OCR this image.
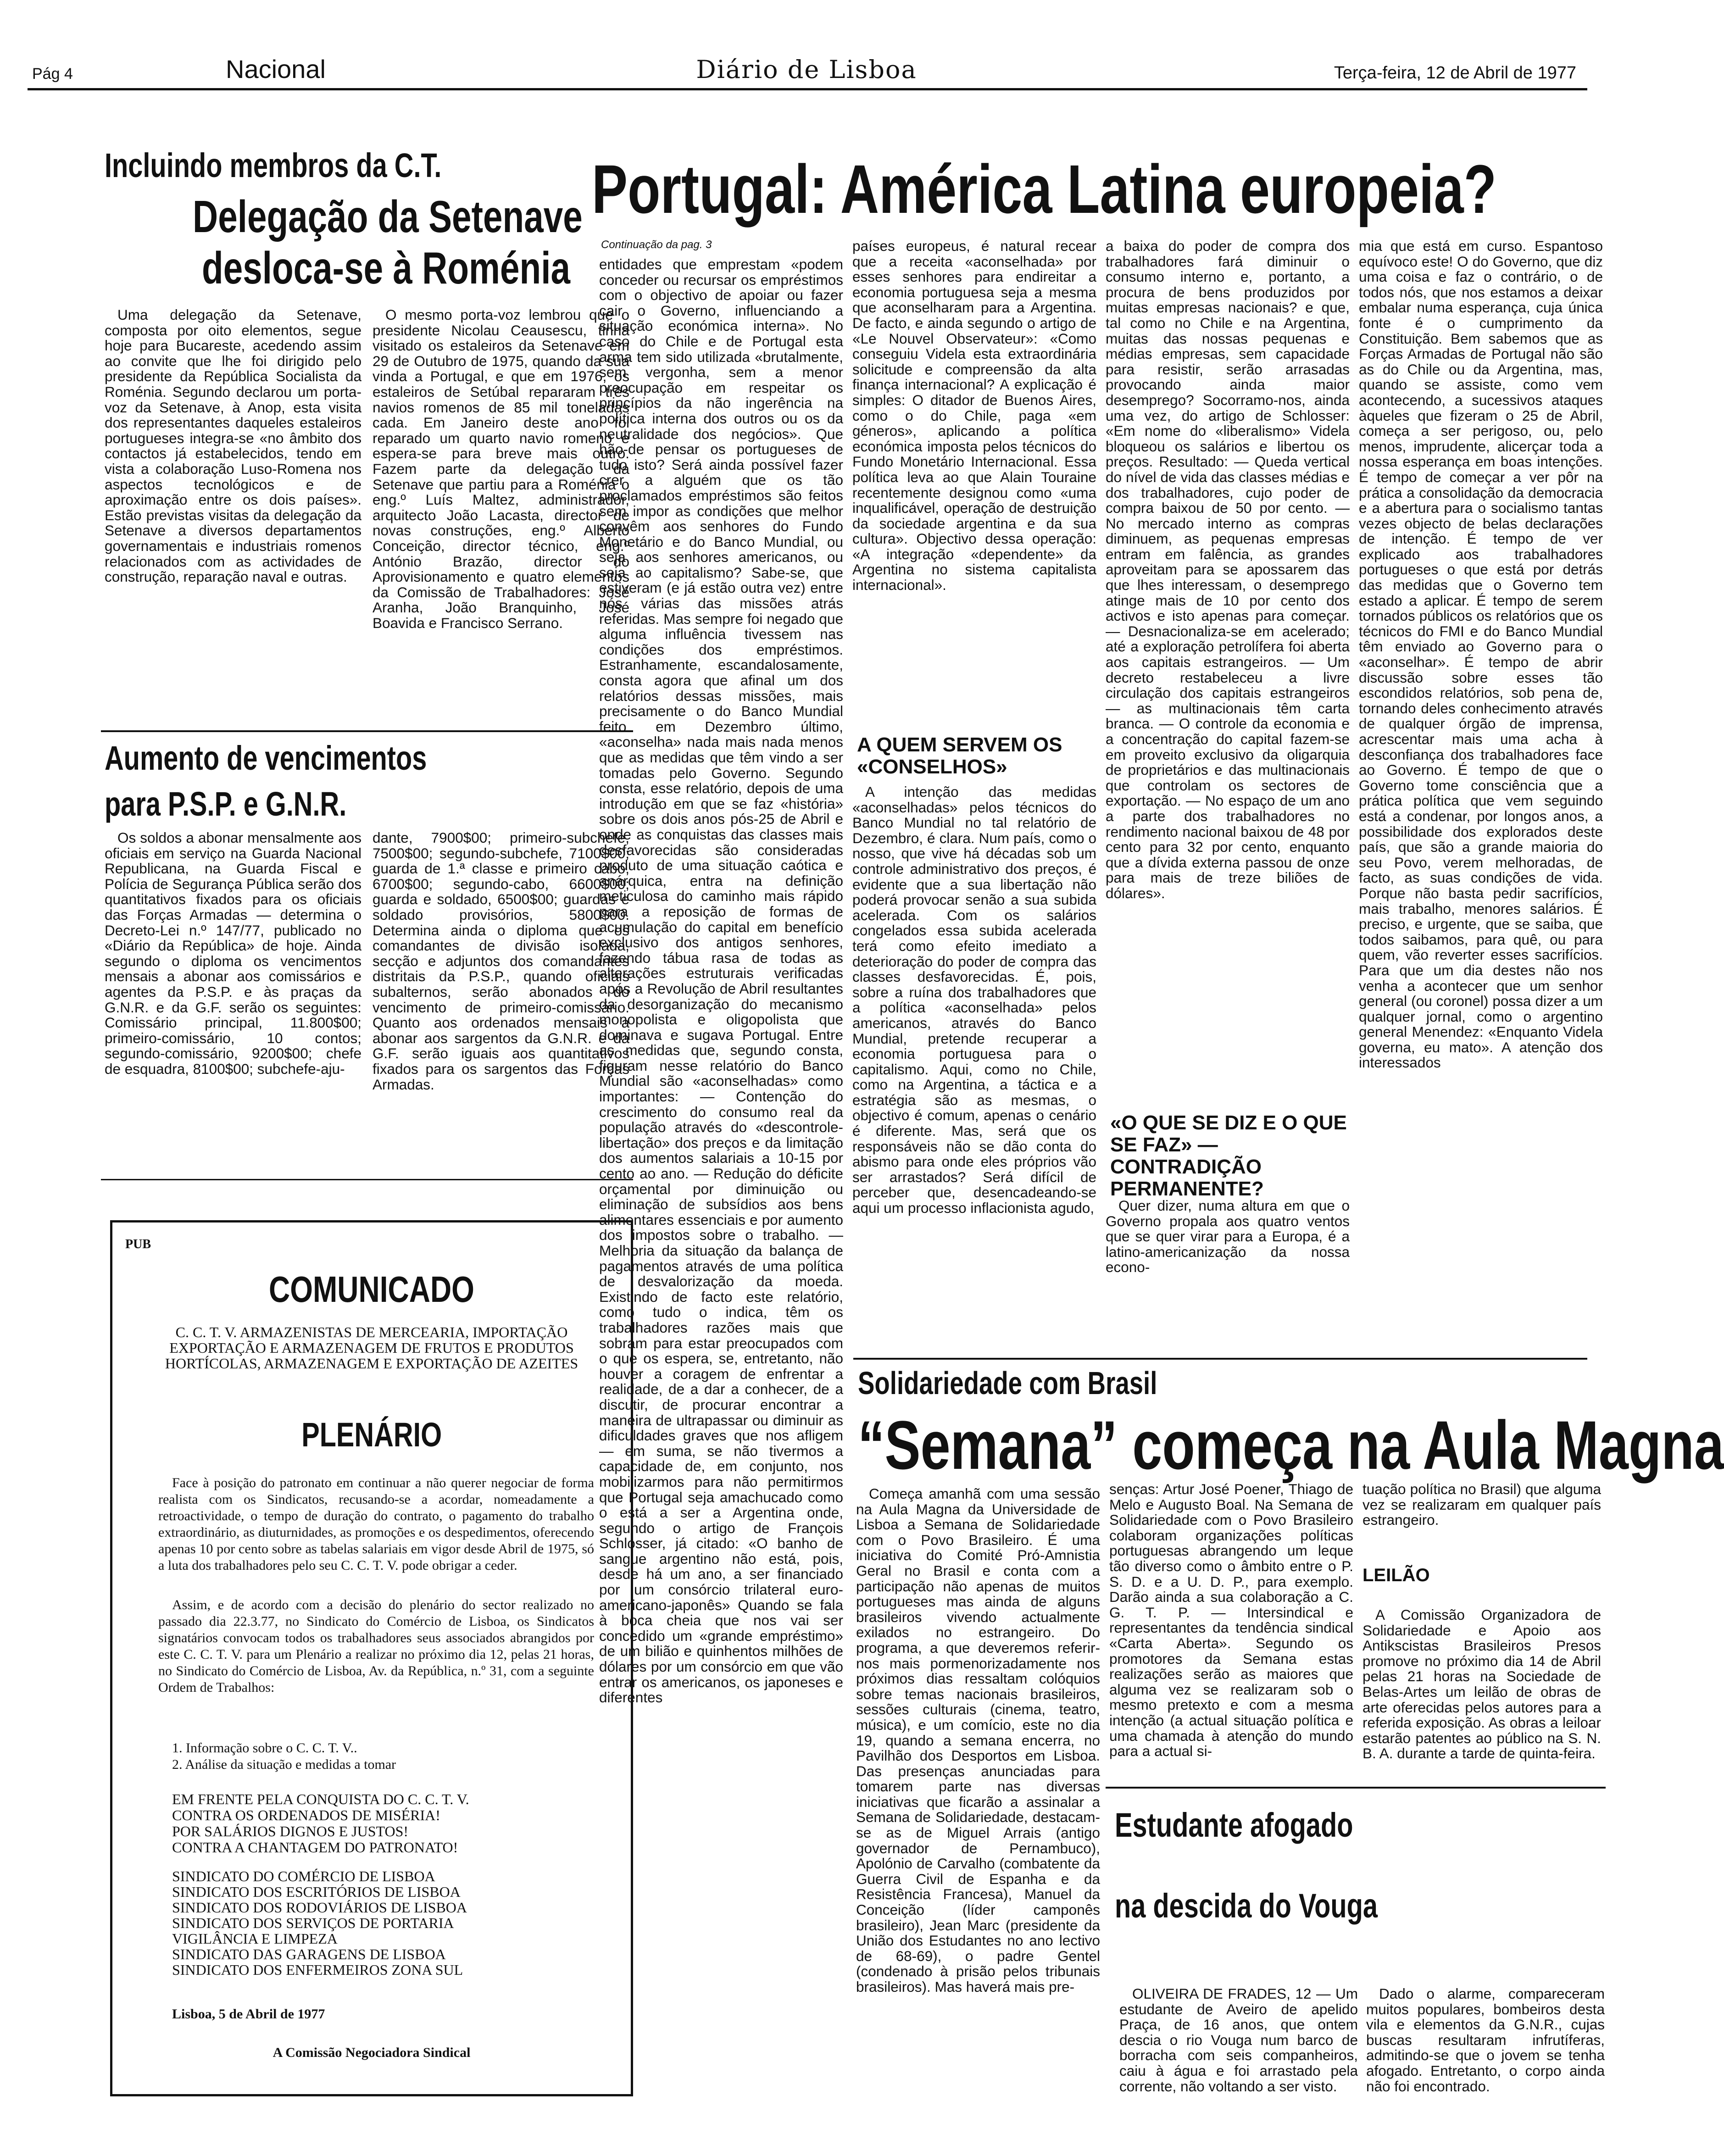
Pág 4	Nacional	Diário de Lisboa	Terça-feira, 12 de Abril de 1977
Incluindo membros da C.T.
Delegação da Setenave
desloca-se à Roménia
Uma delegação da Setenave, composta por oito elementos, segue hoje para Bucareste, acedendo assim ao convite que lhe foi dirigido pelo presidente da República Socialista da Roménia. Segundo declarou um porta-voz da Setenave, à Anop, esta visita dos representantes daqueles estaleiros portugueses integra-se «no âmbito dos contactos já estabelecidos, tendo em vista a colaboração Luso-Romena nos aspectos tecnológicos e de aproximação entre os dois países». Estão previstas visitas da delegação da Setenave a diversos departamentos governamentais e industriais romenos relacionados com as actividades de construção, reparação naval e outras.
O mesmo porta-voz lembrou que o presidente Nicolau Ceausescu, tinha visitado os estaleiros da Setenave em 29 de Outubro de 1975, quando da sua vinda a Portugal, e que em 1976, os estaleiros de Setúbal repararam três navios romenos de 85 mil toneladas cada. Em Janeiro deste ano foi reparado um quarto navio romeno e espera-se para breve mais outro. Fazem parte da delegação da Setenave que partiu para a Roménia o eng.º Luís Maltez, administrador, arquitecto João Lacasta, director de novas construções, eng.º Alberto Conceição, director técnico, eng.º António Brazão, director do Aprovisionamento e quatro elementos da Comissão de Trabalhadores: José Aranha, João Branquinho, José Boavida e Francisco Serrano.
Aumento de vencimentos
para P.S.P. e G.N.R.
Os soldos a abonar mensalmente aos oficiais em serviço na Guarda Nacional Republicana, na Guarda Fiscal e Polícia de Segurança Pública serão dos quantitativos fixados para os oficiais das Forças Armadas — determina o Decreto-Lei n.º 147/77, publicado no «Diário da República» de hoje. Ainda segundo o diploma os vencimentos mensais a abonar aos comissários e agentes da P.S.P. e às praças da G.N.R. e da G.F. serão os seguintes: Comissário principal, 11.800$00; primeiro-comissário, 10 contos; segundo-comissário, 9200$00; chefe de esquadra, 8100$00; subchefe-aju-
dante, 7900$00; primeiro-subchefe, 7500$00; segundo-subchefe, 7100$00; guarda de 1.ª classe e primeiro cabo, 6700$00; segundo-cabo, 6600$00; guarda e soldado, 6500$00; guardas e soldado provisórios, 5800$00. Determina ainda o diploma que os comandantes de divisão isolada, secção e adjuntos dos comandantes distritais da P.S.P., quando oficiais subalternos, serão abonados do vencimento de primeiro-comissário. Quanto aos ordenados mensais a abonar aos sargentos da G.N.R. e da G.F. serão iguais aos quantitativos fixados para os sargentos das Forças Armadas.
PUB
COMUNICADO
C. C. T. V. ARMAZENISTAS DE MERCEARIA, IMPORTAÇÃO EXPORTAÇÃO E ARMAZENAGEM DE FRUTOS E PRODUTOS HORTÍCOLAS, ARMAZENAGEM E EXPORTAÇÃO DE AZEITES
PLENÁRIO
Face à posição do patronato em continuar a não querer negociar de forma realista com os Sindicatos, recusando-se a acordar, nomeadamente a retroactividade, o tempo de duração do contrato, o pagamento do trabalho extraordinário, as diuturnidades, as promoções e os despedimentos, oferecendo apenas 10 por cento sobre as tabelas salariais em vigor desde Abril de 1975, só a luta dos trabalhadores pelo seu C. C. T. V. pode obrigar a ceder.
Assim, e de acordo com a decisão do plenário do sector realizado no passado dia 22.3.77, no Sindicato do Comércio de Lisboa, os Sindicatos signatários convocam todos os trabalhadores seus associados abrangidos por este C. C. T. V. para um Plenário a realizar no próximo dia 12, pelas 21 horas, no Sindicato do Comércio de Lisboa, Av. da República, n.º 31, com a seguinte Ordem de Trabalhos:
1. Informação sobre o C. C. T. V..
2. Análise da situação e medidas a tomar
EM FRENTE PELA CONQUISTA DO C. C. T. V.
CONTRA OS ORDENADOS DE MISÉRIA!
POR SALÁRIOS DIGNOS E JUSTOS!
CONTRA A CHANTAGEM DO PATRONATO!
SINDICATO DO COMÉRCIO DE LISBOA
SINDICATO DOS ESCRITÓRIOS DE LISBOA
SINDICATO DOS RODOVIÁRIOS DE LISBOA
SINDICATO DOS SERVIÇOS DE PORTARIA
VIGILÂNCIA E LIMPEZA
SINDICATO DAS GARAGENS DE LISBOA
SINDICATO DOS ENFERMEIROS ZONA SUL
Lisboa, 5 de Abril de 1977
A Comissão Negociadora Sindical
Portugal: América Latina europeia?
Continuação da pag. 3
entidades que emprestam «podem conceder ou recursar os empréstimos com o objectivo de apoiar ou fazer cair o Governo, influenciando a situação económica interna». No caso do Chile e de Portugal esta arma tem sido utilizada «brutalmente, sem vergonha, sem a menor preocupação em respeitar os princípios da não ingerência na política interna dos outros ou os da neutralidade dos negócios». Que hão-de pensar os portugueses de tudo isto? Será ainda possível fazer crer a alguém que os tão proclamados empréstimos são feitos sem impor as condições que melhor convêm aos senhores do Fundo Monetário e do Banco Mundial, ou seja aos senhores americanos, ou seja ao capitalismo? Sabe-se, que estiveram (e já estão outra vez) entre nós várias das missões atrás referidas. Mas sempre foi negado que alguma influência tivessem nas condições dos empréstimos. Estranhamente, escandalosamente, consta agora que afinal um dos relatórios dessas missões, mais precisamente o do Banco Mundial feito em Dezembro último, «aconselha» nada mais nada menos que as medidas que têm vindo a ser tomadas pelo Governo. Segundo consta, esse relatório, depois de uma introdução em que se faz «história» sobre os dois anos pós-25 de Abril e onde as conquistas das classes mais desfavorecidas são consideradas produto de uma situação caótica e anárquica, entra na definição meticulosa do caminho mais rápido para a reposição de formas de acumulação do capital em benefício exclusivo dos antigos senhores, fazendo tábua rasa de todas as alterações estruturais verificadas após a Revolução de Abril resultantes da desorganização do mecanismo monopolista e oligopolista que dominava e sugava Portugal. Entre as medidas que, segundo consta, figuram nesse relatório do Banco Mundial são «aconselhadas» como importantes: — Contenção do crescimento do consumo real da população através do «descontrole-libertação» dos preços e da limitação dos aumentos salariais a 10-15 por cento ao ano. — Redução do déficite orçamental por diminuição ou eliminação de subsídios aos bens alimentares essenciais e por aumento dos impostos sobre o trabalho. — Melhoria da situação da balança de pagamentos através de uma política de desvalorização da moeda. Existindo de facto este relatório, como tudo o indica, têm os trabalhadores razões mais que sobram para estar preocupados com o que os espera, se, entretanto, não houver a coragem de enfrentar a realidade, de a dar a conhecer, de a discutir, de procurar encontrar a maneira de ultrapassar ou diminuir as dificuldades graves que nos afligem — em suma, se não tivermos a capacidade de, em conjunto, nos mobilizarmos para não permitirmos que Portugal seja amachucado como o está a ser a Argentina onde, segundo o artigo de François Schlosser, já citado: «O banho de sangue argentino não está, pois, desde há um ano, a ser financiado por um consórcio trilateral euro-americano-japonês» Quando se fala à boca cheia que nos vai ser concedido um «grande empréstimo» de um bilião e quinhentos milhões de dólares por um consórcio em que vão entrar os americanos, os japoneses e diferentes
países europeus, é natural recear que a receita «aconselhada» por esses senhores para endireitar a economia portuguesa seja a mesma que aconselharam para a Argentina. De facto, e ainda segundo o artigo de «Le Nouvel Observateur»: «Como conseguiu Videla esta extraordinária solicitude e compreensão da alta finança internacional? A explicação é simples: O ditador de Buenos Aires, como o do Chile, paga «em géneros», aplicando a política económica imposta pelos técnicos do Fundo Monetário Internacional. Essa política leva ao que Alain Touraine recentemente designou como «uma inqualificável, operação de destruição da sociedade argentina e da sua cultura». Objectivo dessa operação: «A integração «dependente» da Argentina no sistema capitalista internacional».
A QUEM SERVEM OS «CONSELHOS»
A intenção das medidas «aconselhadas» pelos técnicos do Banco Mundial no tal relatório de Dezembro, é clara. Num país, como o nosso, que vive há décadas sob um controle administrativo dos preços, é evidente que a sua libertação não poderá provocar senão a sua subida acelerada. Com os salários congelados essa subida acelerada terá como efeito imediato a deterioração do poder de compra das classes desfavorecidas. É, pois, sobre a ruína dos trabalhadores que a política «aconselhada» pelos americanos, através do Banco Mundial, pretende recuperar a economia portuguesa para o capitalismo. Aqui, como no Chile, como na Argentina, a táctica e a estratégia são as mesmas, o objectivo é comum, apenas o cenário é diferente. Mas, será que os responsáveis não se dão conta do abismo para onde eles próprios vão ser arrastados? Será difícil de perceber que, desencadeando-se aqui um processo inflacionista agudo,
a baixa do poder de compra dos trabalhadores fará diminuir o consumo interno e, portanto, a procura de bens produzidos por muitas empresas nacionais? e que, tal como no Chile e na Argentina, muitas das nossas pequenas e médias empresas, sem capacidade para resistir, serão arrasadas provocando ainda maior desemprego? Socorramo-nos, ainda uma vez, do artigo de Schlosser: «Em nome do «liberalismo» Videla bloqueou os salários e libertou os preços. Resultado: — Queda vertical do nível de vida das classes médias e dos trabalhadores, cujo poder de compra baixou de 50 por cento. — No mercado interno as compras diminuem, as pequenas empresas entram em falência, as grandes aproveitam para se apossarem das que lhes interessam, o desemprego atinge mais de 10 por cento dos activos e isto apenas para começar. — Desnacionaliza-se em acelerado; até a exploração petrolífera foi aberta aos capitais estrangeiros. — Um decreto restabeleceu a livre circulação dos capitais estrangeiros — as multinacionais têm carta branca. — O controle da economia e a concentração do capital fazem-se em proveito exclusivo da oligarquia de proprietários e das multinacionais que controlam os sectores de exportação. — No espaço de um ano a parte dos trabalhadores no rendimento nacional baixou de 48 por cento para 32 por cento, enquanto que a dívida externa passou de onze para mais de treze biliões de dólares».
«O QUE SE DIZ E O QUE SE FAZ» — CONTRADIÇÃO PERMANENTE?
Quer dizer, numa altura em que o Governo propala aos quatro ventos que se quer virar para a Europa, é a latino-americanização da nossa econo-
mia que está em curso. Espantoso equívoco este! O do Governo, que diz uma coisa e faz o contrário, o de todos nós, que nos estamos a deixar embalar numa esperança, cuja única fonte é o cumprimento da Constituição. Bem sabemos que as Forças Armadas de Portugal não são as do Chile ou da Argentina, mas, quando se assiste, como vem acontecendo, a sucessivos ataques àqueles que fizeram o 25 de Abril, começa a ser perigoso, ou, pelo menos, imprudente, alicerçar toda a nossa esperança em boas intenções. É tempo de começar a ver pôr na prática a consolidação da democracia e a abertura para o socialismo tantas vezes objecto de belas declarações de intenção. É tempo de ver explicado aos trabalhadores portugueses o que está por detrás das medidas que o Governo tem estado a aplicar. É tempo de serem tornados públicos os relatórios que os técnicos do FMI e do Banco Mundial têm enviado ao Governo para o «aconselhar». É tempo de abrir discussão sobre esses tão escondidos relatórios, sob pena de, tornando deles conhecimento através de qualquer órgão de imprensa, acrescentar mais uma acha à desconfiança dos trabalhadores face ao Governo. É tempo de que o Governo tome consciência que a prática política que vem seguindo está a condenar, por longos anos, a possibilidade dos explorados deste país, que são a grande maioria do seu Povo, verem melhoradas, de facto, as suas condições de vida. Porque não basta pedir sacrifícios, mais trabalho, menores salários. É preciso, e urgente, que se saiba, que todos saibamos, para quê, ou para quem, vão reverter esses sacrifícios. Para que um dia destes não nos venha a acontecer que um senhor general (ou coronel) possa dizer a um qualquer jornal, como o argentino general Menendez: «Enquanto Videla governa, eu mato». A atenção dos interessados
Solidariedade com Brasil
“Semana” começa na Aula Magna
Começa amanhã com uma sessão na Aula Magna da Universidade de Lisboa a Semana de Solidariedade com o Povo Brasileiro. É uma iniciativa do Comité Pró-Amnistia Geral no Brasil e conta com a participação não apenas de muitos portugueses mas ainda de alguns brasileiros vivendo actualmente exilados no estrangeiro. Do programa, a que deveremos referir-nos mais pormenorizadamente nos próximos dias ressaltam colóquios sobre temas nacionais brasileiros, sessões culturais (cinema, teatro, música), e um comício, este no dia 19, quando a semana encerra, no Pavilhão dos Desportos em Lisboa. Das presenças anunciadas para tomarem parte nas diversas iniciativas que ficarão a assinalar a Semana de Solidariedade, destacam-se as de Miguel Arrais (antigo governador de Pernambuco), Apolónio de Carvalho (combatente da Guerra Civil de Espanha e da Resistência Francesa), Manuel da Conceição (líder camponês brasileiro), Jean Marc (presidente da União dos Estudantes no ano lectivo de 68-69), o padre Gentel (condenado à prisão pelos tribunais brasileiros). Mas haverá mais pre-
senças: Artur José Poener, Thiago de Melo e Augusto Boal. Na Semana de Solidariedade com o Povo Brasileiro colaboram organizações políticas portuguesas abrangendo um leque tão diverso como o âmbito entre o P. S. D. e a U. D. P., para exemplo. Darão ainda a sua colaboração a C. G. T. P. — Intersindical e representantes da tendência sindical «Carta Aberta». Segundo os promotores da Semana estas realizações serão as maiores que alguma vez se realizaram sob o mesmo pretexto e com a mesma intenção (a actual situação política e uma chamada à atenção do mundo para a actual si-
tuação política no Brasil) que alguma vez se realizaram em qualquer país estrangeiro.
LEILÃO
A Comissão Organizadora de Solidariedade e Apoio aos Antikscistas Brasileiros Presos promove no próximo dia 14 de Abril pelas 21 horas na Sociedade de Belas-Artes um leilão de obras de arte oferecidas pelos autores para a referida exposição. As obras a leiloar estarão patentes ao público na S. N. B. A. durante a tarde de quinta-feira.
Estudante afogado
na descida do Vouga
OLIVEIRA DE FRADES, 12 — Um estudante de Aveiro de apelido Praça, de 16 anos, que ontem descia o rio Vouga num barco de borracha com seis companheiros, caiu à água e foi arrastado pela corrente, não voltando a ser visto.
Dado o alarme, compareceram muitos populares, bombeiros desta vila e elementos da G.N.R., cujas buscas resultaram infrutíferas, admitindo-se que o jovem se tenha afogado. Entretanto, o corpo ainda não foi encontrado.
